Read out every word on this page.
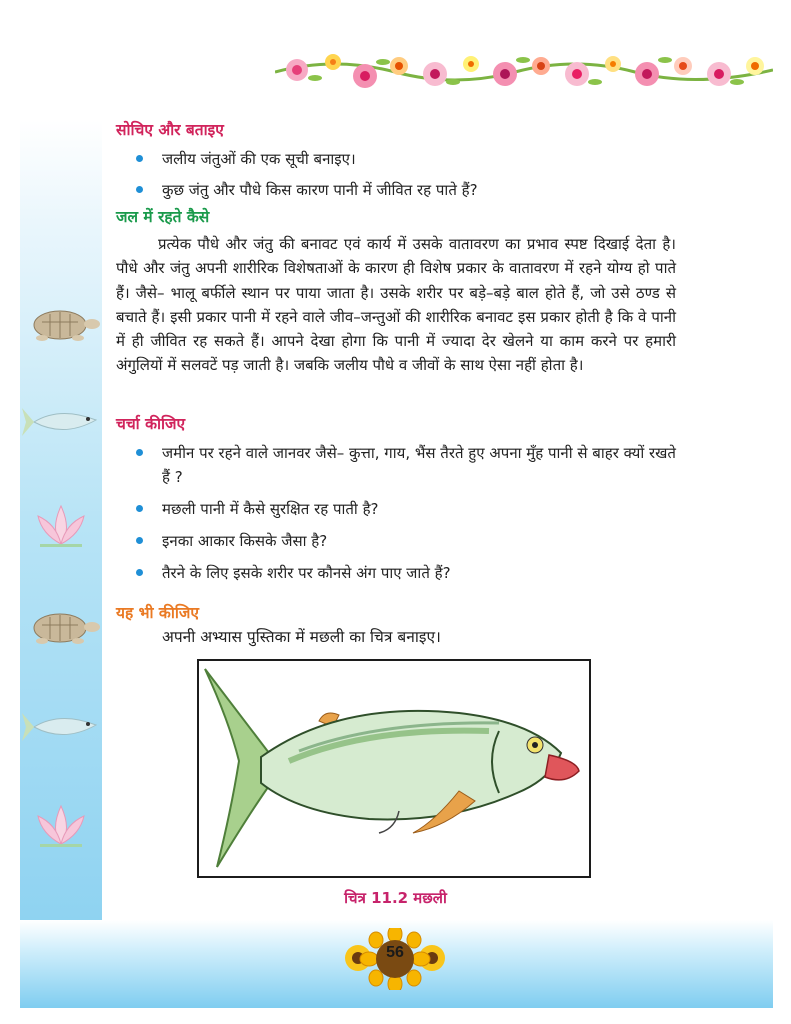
सोचिए और बताइए
जलीय जंतुओं की एक सूची बनाइए।
कुछ जंतु और पौधे किस कारण पानी में जीवित रह पाते हैं?
जल में रहते कैसे

प्रत्येक पौधे और जंतु की बनावट एवं कार्य में उसके वातावरण का प्रभाव स्पष्ट दिखाई देता है। पौधे और जंतु अपनी शारीरिक विशेषताओं के कारण ही विशेष प्रकार के वातावरण में रहने योग्य हो पाते हैं। जैसे– भालू बर्फीले स्थान पर पाया जाता है। उसके शरीर पर बड़े–बड़े बाल होते हैं, जो उसे ठण्ड से बचाते हैं। इसी प्रकार पानी में रहने वाले जीव–जन्तुओं की शारीरिक बनावट इस प्रकार होती है कि वे पानी में ही जीवित रह सकते हैं। आपने देखा होगा कि पानी में ज्यादा देर खेलने या काम करने पर हमारी अंगुलियों में सलवटें पड़ जाती है। जबकि जलीय पौधे व जीवों के साथ ऐसा नहीं होता है।

चर्चा कीजिए
जमीन पर रहने वाले जानवर जैसे– कुत्ता, गाय, भैंस तैरते हुए अपना मुँह पानी से बाहर क्यों रखते हैं ?
मछली पानी में कैसे सुरक्षित रह पाती है?
इनका आकार किसके जैसा है?
तैरने के लिए इसके शरीर पर कौनसे अंग पाए जाते हैं?
यह भी कीजिए

अपनी अभ्यास पुस्तिका में मछली का चित्र बनाइए।

चित्र 11.2 मछली
56
